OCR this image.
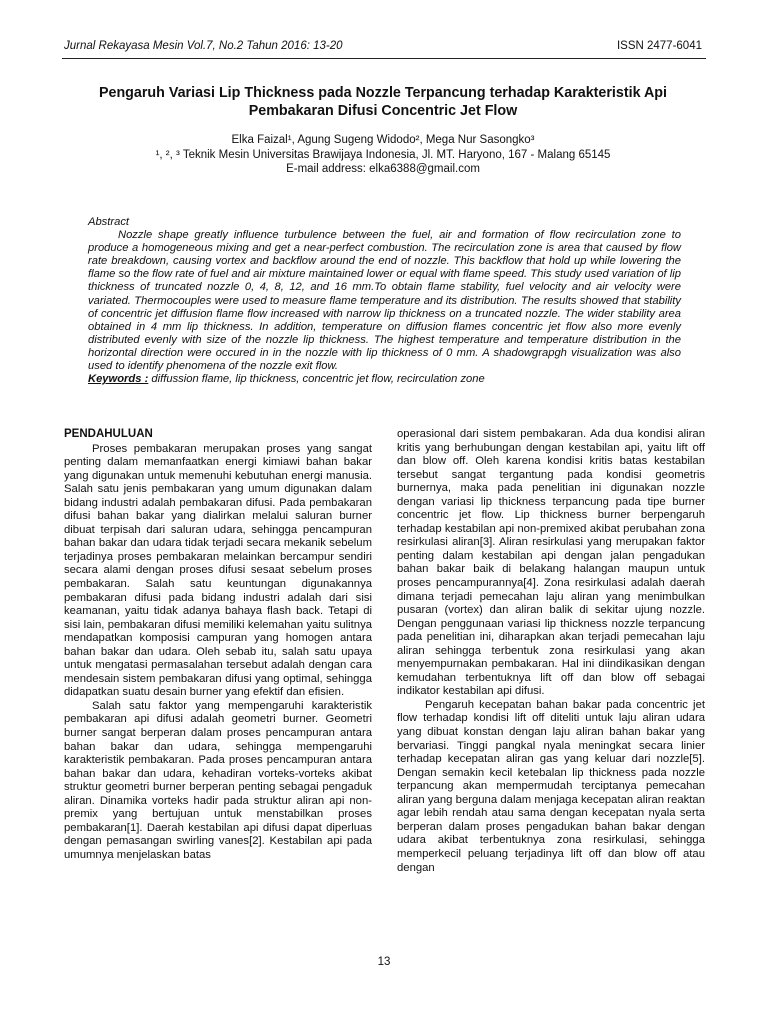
Jurnal Rekayasa Mesin Vol.7, No.2 Tahun 2016: 13-20	ISSN 2477-6041
Pengaruh Variasi Lip Thickness pada Nozzle Terpancung terhadap Karakteristik Api Pembakaran Difusi Concentric Jet Flow
Elka Faizal¹, Agung Sugeng Widodo², Mega Nur Sasongko³
¹, ², ³ Teknik Mesin Universitas Brawijaya Indonesia, Jl. MT. Haryono, 167 - Malang 65145
E-mail address: elka6388@gmail.com
Abstract

Nozzle shape greatly influence turbulence between the fuel, air and formation of flow recirculation zone to produce a homogeneous mixing and get a near-perfect combustion. The recirculation zone is area that caused by flow rate breakdown, causing vortex and backflow around the end of nozzle. This backflow that hold up while lowering the flame so the flow rate of fuel and air mixture maintained lower or equal with flame speed. This study used variation of lip thickness of truncated nozzle 0, 4, 8, 12, and 16 mm.To obtain flame stability, fuel velocity and air velocity were variated. Thermocouples were used to measure flame temperature and its distribution. The results showed that stability of concentric jet diffusion flame flow increased with narrow lip thickness on a truncated nozzle. The wider stability area obtained in 4 mm lip thickness. In addition, temperature on diffusion flames concentric jet flow also more evenly distributed evenly with size of the nozzle lip thickness. The highest temperature and temperature distribution in the horizontal direction were occured in in the nozzle with lip thickness of 0 mm. A shadowgrapgh visualization was also used to identify phenomena of the nozzle exit flow.

Keywords : diffussion flame, lip thickness, concentric jet flow, recirculation zone
PENDAHULUAN

Proses pembakaran merupakan proses yang sangat penting dalam memanfaatkan energi kimiawi bahan bakar yang digunakan untuk memenuhi kebutuhan energi manusia. Salah satu jenis pembakaran yang umum digunakan dalam bidang industri adalah pembakaran difusi. Pada pembakaran difusi bahan bakar yang dialirkan melalui saluran burner dibuat terpisah dari saluran udara, sehingga pencampuran bahan bakar dan udara tidak terjadi secara mekanik sebelum terjadinya proses pembakaran melainkan bercampur sendiri secara alami dengan proses difusi sesaat sebelum proses pembakaran. Salah satu keuntungan digunakannya pembakaran difusi pada bidang industri adalah dari sisi keamanan, yaitu tidak adanya bahaya flash back. Tetapi di sisi lain, pembakaran difusi memiliki kelemahan yaitu sulitnya mendapatkan komposisi campuran yang homogen antara bahan bakar dan udara. Oleh sebab itu, salah satu upaya untuk mengatasi permasalahan tersebut adalah dengan cara mendesain sistem pembakaran difusi yang optimal, sehingga didapatkan suatu desain burner yang efektif dan efisien.

Salah satu faktor yang mempengaruhi karakteristik pembakaran api difusi adalah geometri burner. Geometri burner sangat berperan dalam proses pencampuran antara bahan bakar dan udara, sehingga mempengaruhi karakteristik pembakaran. Pada proses pencampuran antara bahan bakar dan udara, kehadiran vorteks-vorteks akibat struktur geometri burner berperan penting sebagai pengaduk aliran. Dinamika vorteks hadir pada struktur aliran api non-premix yang bertujuan untuk menstabilkan proses pembakaran[1]. Daerah kestabilan api difusi dapat diperluas dengan pemasangan swirling vanes[2]. Kestabilan api pada umumnya menjelaskan batas

operasional dari sistem pembakaran. Ada dua kondisi aliran kritis yang berhubungan dengan kestabilan api, yaitu lift off dan blow off. Oleh karena kondisi kritis batas kestabilan tersebut sangat tergantung pada kondisi geometris burnernya, maka pada penelitian ini digunakan nozzle dengan variasi lip thickness terpancung pada tipe burner concentric jet flow. Lip thickness burner berpengaruh terhadap kestabilan api non-premixed akibat perubahan zona resirkulasi aliran[3]. Aliran resirkulasi yang merupakan faktor penting dalam kestabilan api dengan jalan pengadukan bahan bakar baik di belakang halangan maupun untuk proses pencampurannya[4]. Zona resirkulasi adalah daerah dimana terjadi pemecahan laju aliran yang menimbulkan pusaran (vortex) dan aliran balik di sekitar ujung nozzle. Dengan penggunaan variasi lip thickness nozzle terpancung pada penelitian ini, diharapkan akan terjadi pemecahan laju aliran sehingga terbentuk zona resirkulasi yang akan menyempurnakan pembakaran. Hal ini diindikasikan dengan kemudahan terbentuknya lift off dan blow off sebagai indikator kestabilan api difusi.

Pengaruh kecepatan bahan bakar pada concentric jet flow terhadap kondisi lift off diteliti untuk laju aliran udara yang dibuat konstan dengan laju aliran bahan bakar yang bervariasi. Tinggi pangkal nyala meningkat secara linier terhadap kecepatan aliran gas yang keluar dari nozzle[5]. Dengan semakin kecil ketebalan lip thickness pada nozzle terpancung akan mempermudah terciptanya pemecahan aliran yang berguna dalam menjaga kecepatan aliran reaktan agar lebih rendah atau sama dengan kecepatan nyala serta berperan dalam proses pengadukan bahan bakar dengan udara akibat terbentuknya zona resirkulasi, sehingga memperkecil peluang terjadinya lift off dan blow off atau dengan

13
